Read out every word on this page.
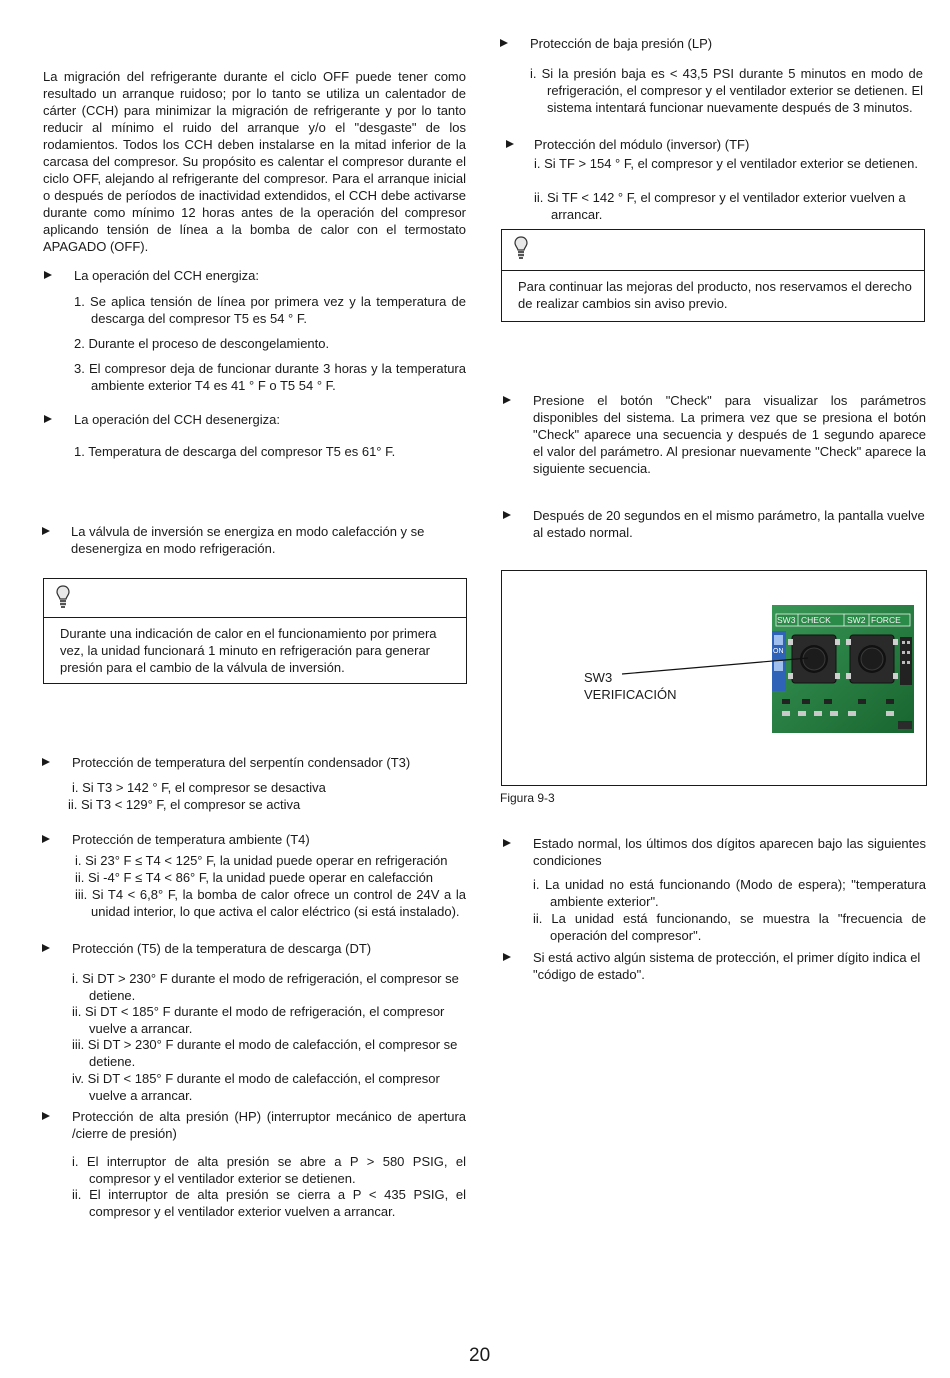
La migración del refrigerante durante el ciclo OFF puede tener como resultado un arranque ruidoso; por lo tanto se utiliza un calentador de cárter (CCH) para minimizar la migración de refrigerante y por lo tanto reducir al mínimo el ruido del arranque y/o el "desgaste" de los rodamientos. Todos los CCH deben instalarse en la mitad inferior de la carcasa del compresor. Su propósito es calentar el compresor durante el ciclo OFF, alejando al refrigerante del compresor. Para el arranque inicial o después de períodos de inactividad extendidos, el CCH debe activarse durante como mínimo 12 horas antes de la operación del compresor aplicando tensión de línea a la bomba de calor con el termostato APAGADO (OFF).
La operación del CCH energiza:
1. Se aplica tensión de línea por primera vez y la temperatura de descarga del compresor T5 es 54 ° F.
2. Durante el proceso de descongelamiento.
3. El compresor deja de funcionar durante 3 horas y la temperatura ambiente exterior T4 es 41 ° F o T5 54 ° F.
La operación del CCH desenergiza:
1. Temperatura de descarga del compresor T5 es 61° F.
La válvula de inversión se energiza en modo calefacción y se desenergiza en modo refrigeración.
Durante una indicación de calor en el funcionamiento por primera vez, la unidad funcionará 1 minuto en refrigeración para generar presión para el cambio de la válvula de inversión.
Protección de temperatura del serpentín condensador (T3)
i. Si T3 > 142 ° F, el compresor se desactiva
ii. Si T3 < 129° F, el compresor se activa
Protección de temperatura ambiente (T4)
i. Si 23° F ≤ T4 < 125° F, la unidad puede operar en refrigeración
ii. Si -4° F ≤ T4 < 86° F, la unidad puede operar en calefacción
iii. Si T4 < 6,8° F, la bomba de calor ofrece un control de 24V a la unidad interior, lo que activa el calor eléctrico (si está instalado).
Protección (T5) de la temperatura de descarga (DT)
i. Si DT > 230° F durante el modo de refrigeración, el compresor se detiene.
ii. Si DT < 185° F durante el modo de refrigeración, el compresor vuelve a arrancar.
iii. Si DT > 230° F durante el modo de calefacción, el compresor se detiene.
iv. Si DT < 185° F durante el modo de calefacción, el compresor vuelve a arrancar.
Protección de alta presión (HP) (interruptor mecánico de apertura /cierre de presión)
i. El interruptor de alta presión se abre a P > 580 PSIG, el compresor y el ventilador exterior se detienen.
ii. El interruptor de alta presión se cierra a P < 435 PSIG, el compresor y el ventilador exterior vuelven a arrancar.
Protección de baja presión (LP)
i. Si la presión baja es < 43,5 PSI durante 5 minutos en modo de refrigeración, el compresor y el ventilador exterior se detienen. El sistema intentará funcionar nuevamente después de 3 minutos.
Protección del módulo (inversor) (TF)
i. Si TF > 154 ° F, el compresor y el ventilador exterior se detienen.
ii. Si TF < 142 ° F, el compresor y el ventilador exterior vuelven a arrancar.
Para continuar las mejoras del producto, nos reservamos el derecho de realizar cambios sin aviso previo.
Presione el botón "Check" para visualizar los parámetros disponibles del sistema. La primera vez que se presiona el botón "Check" aparece una secuencia y después de 1 segundo aparece el valor del parámetro. Al presionar nuevamente "Check" aparece la siguiente secuencia.
Después de 20 segundos en el mismo parámetro, la pantalla vuelve al estado normal.
SW3 CHECK SW2 FORCE
ON
SW3
VERIFICACIÓN
Figura 9-3
Estado normal, los últimos dos dígitos aparecen bajo las siguientes condiciones
i. La unidad no está funcionando (Modo de espera); "temperatura ambiente exterior".
ii. La unidad está funcionando, se muestra la "frecuencia de operación del compresor".
Si está activo algún sistema de protección, el primer dígito indica el "código de estado".
20
